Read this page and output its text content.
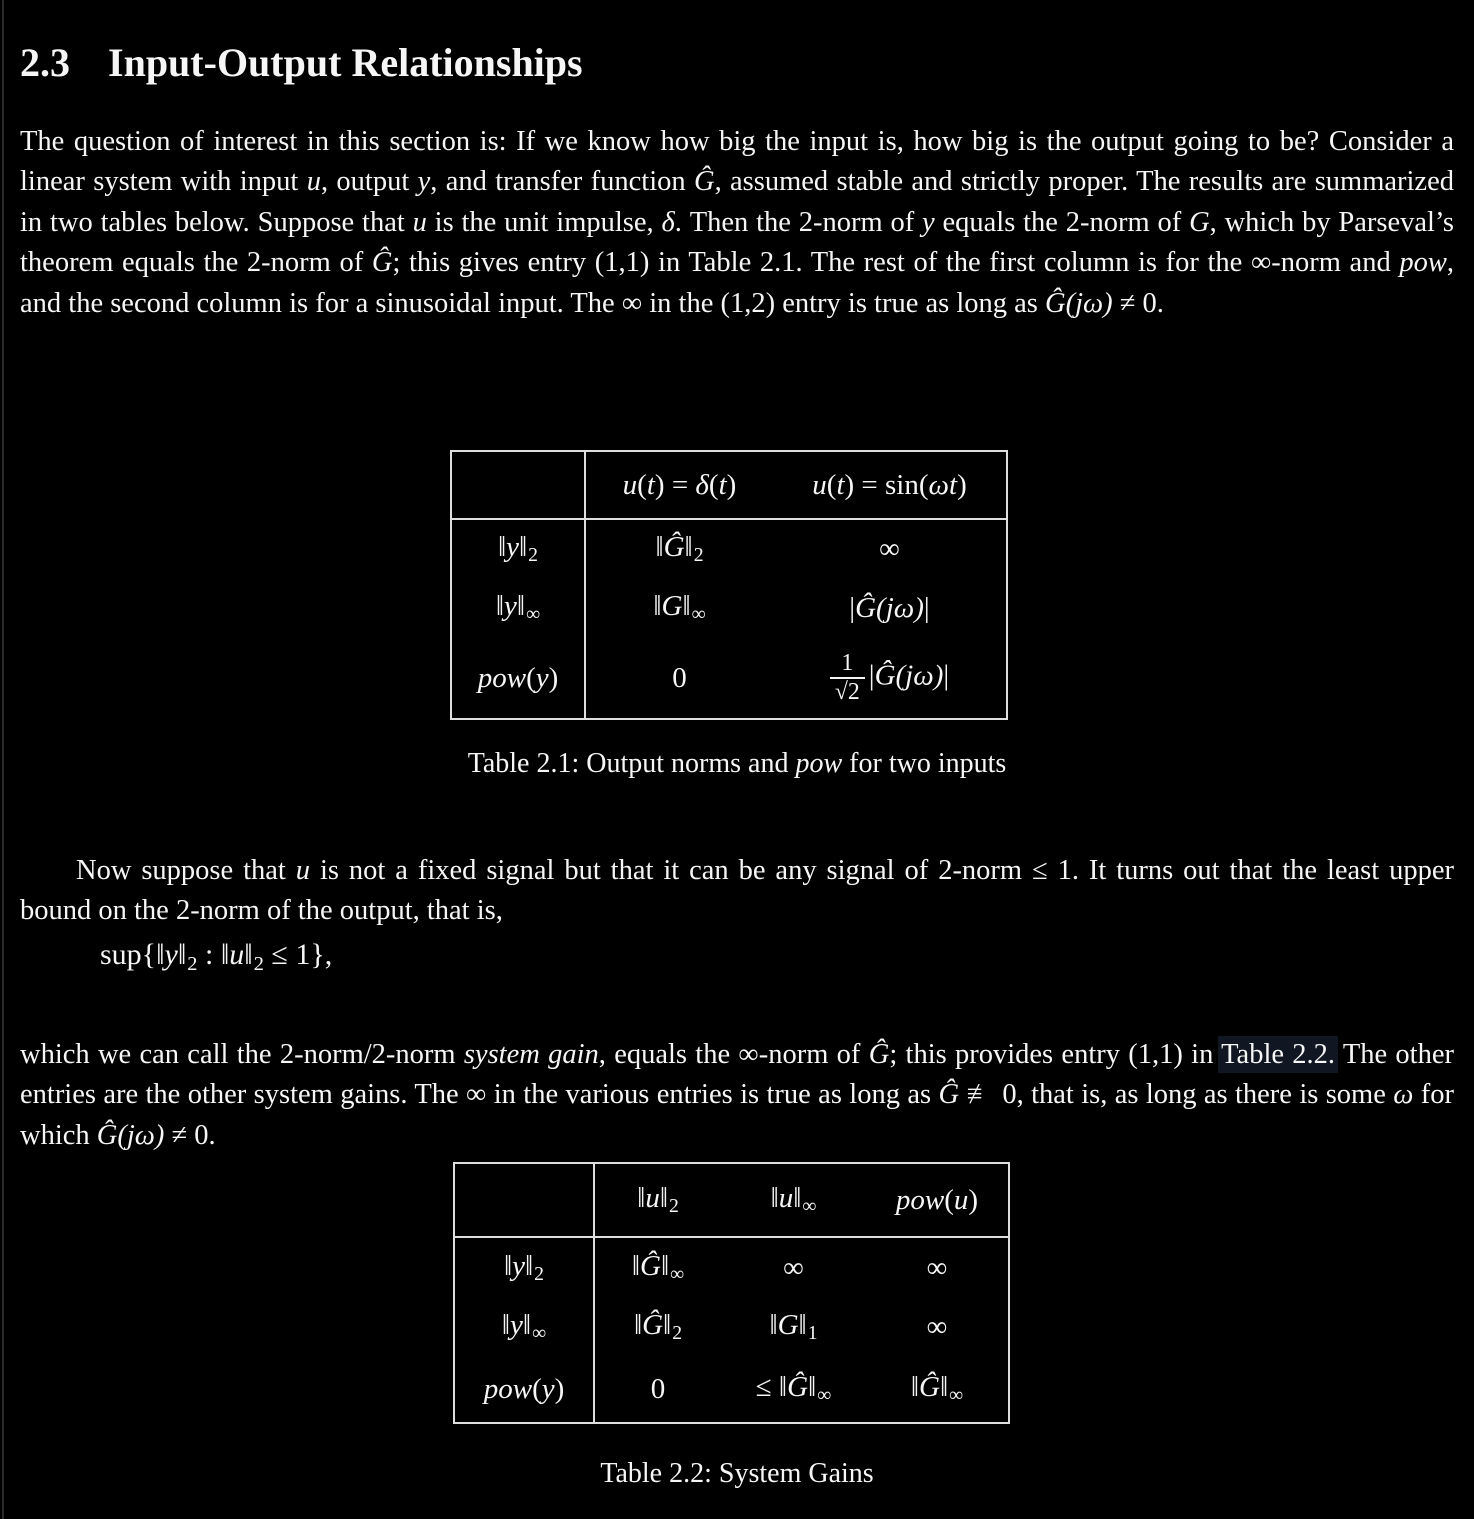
2.3 Input-Output Relationships

The question of interest in this section is: If we know how big the input is, how big is the output going to be? Consider a linear system with input u, output y, and transfer function Ĝ, assumed stable and strictly proper. The results are summarized in two tables below. Suppose that u is the unit impulse, δ. Then the 2-norm of y equals the 2-norm of G, which by Parseval’s theorem equals the 2-norm of Ĝ; this gives entry (1,1) in Table 2.1. The rest of the first column is for the ∞-norm and pow, and the second column is for a sinusoidal input. The ∞ in the (1,2) entry is true as long as Ĝ(jω) ≠ 0.

	u(t) = δ(t)	u(t) = sin(ωt)
‖y‖2	‖Ĝ‖2	∞
‖y‖∞	‖G‖∞	|Ĝ(jω)|
pow(y)	0	$\frac{1}{√2}$ |Ĝ(jω)|
Table 2.1: Output norms and pow for two inputs

Now suppose that u is not a fixed signal but that it can be any signal of 2-norm ≤ 1. It turns out that the least upper bound on the 2-norm of the output, that is,

sup{‖y‖2 : ‖u‖2 ≤ 1},

which we can call the 2-norm/2-norm system gain, equals the ∞-norm of Ĝ; this provides entry (1,1) in Table 2.2. The other entries are the other system gains. The ∞ in the various entries is true as long as Ĝ ≢ 0, that is, as long as there is some ω for which Ĝ(jω) ≠ 0.

	‖u‖2	‖u‖∞	pow(u)
‖y‖2	‖Ĝ‖∞	∞	∞
‖y‖∞	‖Ĝ‖2	‖G‖1	∞
pow(y)	0	≤ ‖Ĝ‖∞	‖Ĝ‖∞
Table 2.2: System Gains
